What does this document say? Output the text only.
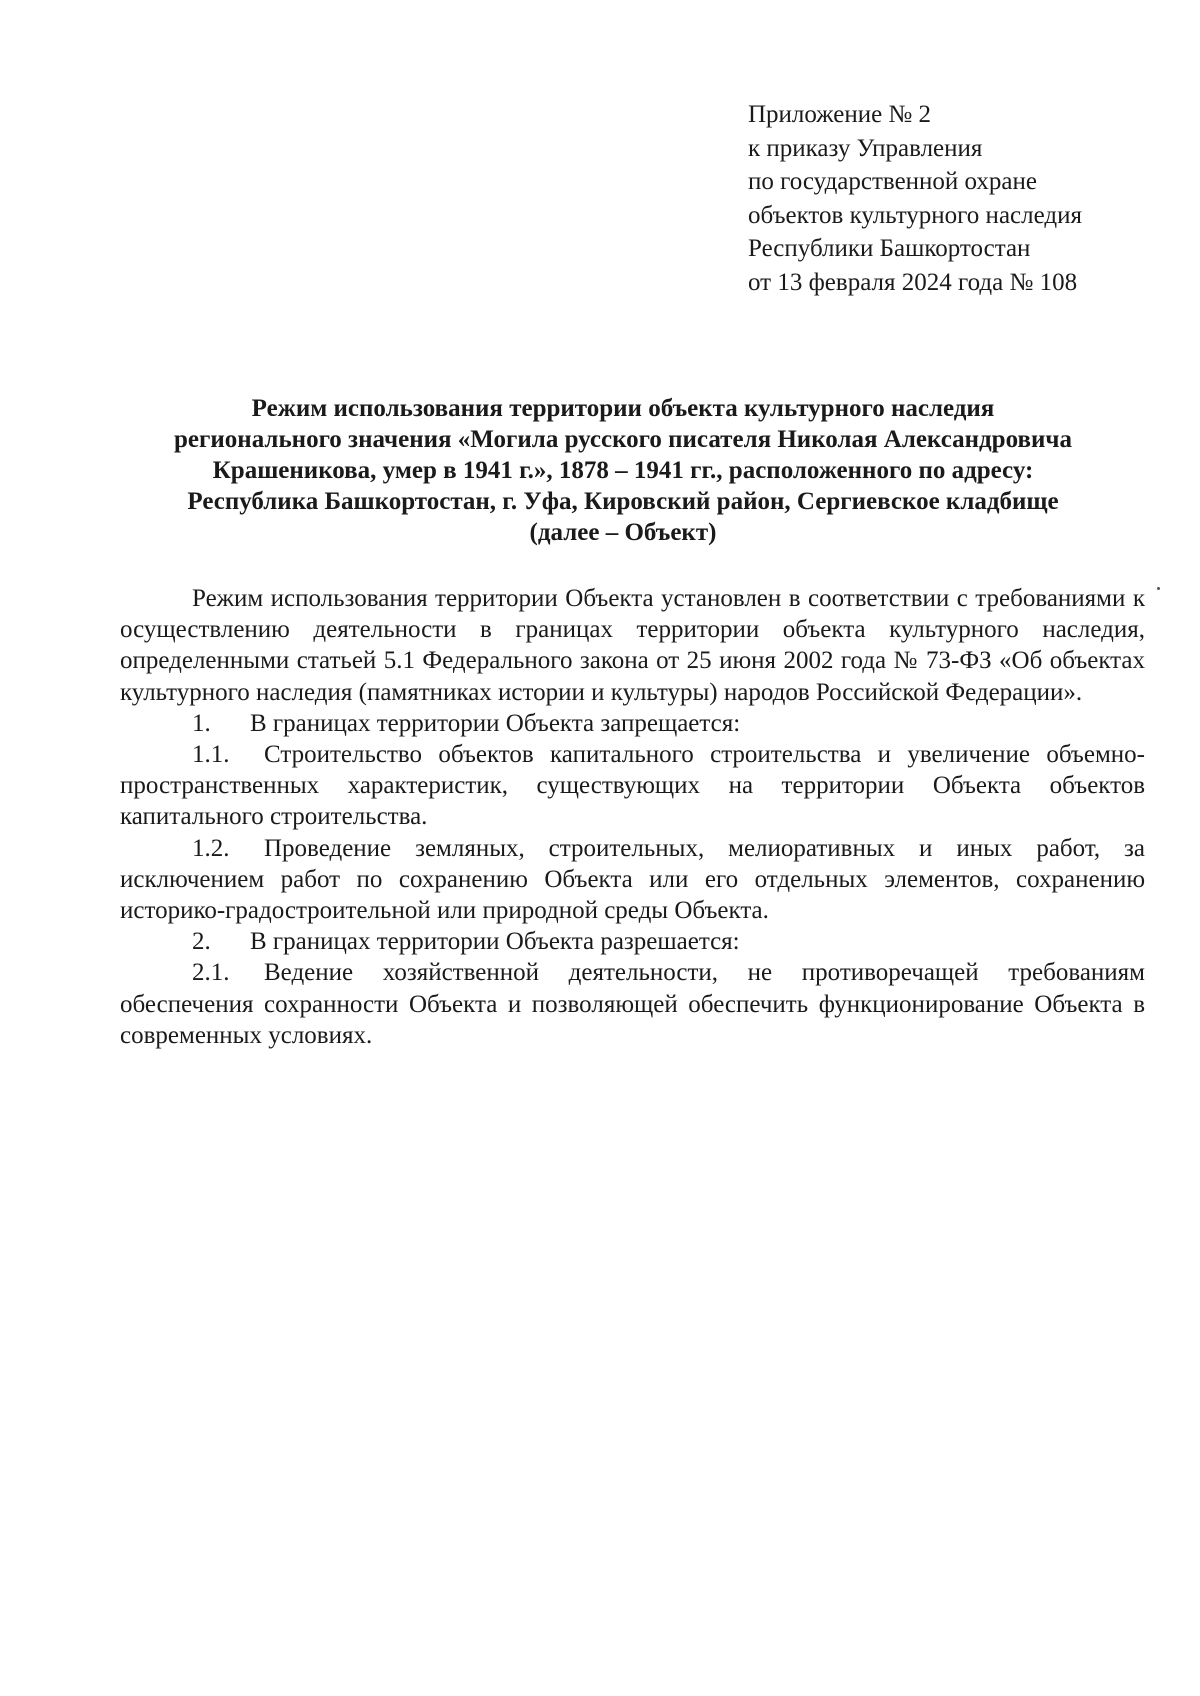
Приложение № 2
к приказу Управления
по государственной охране
объектов культурного наследия
Республики Башкортостан
от 13 февраля 2024 года № 108
Режим использования территории объекта культурного наследия
регионального значения «Могила русского писателя Николая Александровича
Крашеникова, умер в 1941 г.», 1878 – 1941 гг., расположенного по адресу:
Республика Башкортостан, г. Уфа, Кировский район, Сергиевское кладбище
(далее – Объект)

Режим использования территории Объекта установлен в соответствии с требованиями к осуществлению деятельности в границах территории объекта культурного наследия, определенными статьей 5.1 Федерального закона от 25 июня 2002 года № 73-ФЗ «Об объектах культурного наследия (памятниках истории и культуры) народов Российской Федерации».

1. В границах территории Объекта запрещается:

1.1. Строительство объектов капитального строительства и увеличение объемно-пространственных характеристик, существующих на территории Объекта объектов капитального строительства.

1.2. Проведение земляных, строительных, мелиоративных и иных работ, за исключением работ по сохранению Объекта или его отдельных элементов, сохранению историко-градостроительной или природной среды Объекта.

2. В границах территории Объекта разрешается:

2.1. Ведение хозяйственной деятельности, не противоречащей требованиям обеспечения сохранности Объекта и позволяющей обеспечить функционирование Объекта в современных условиях.
